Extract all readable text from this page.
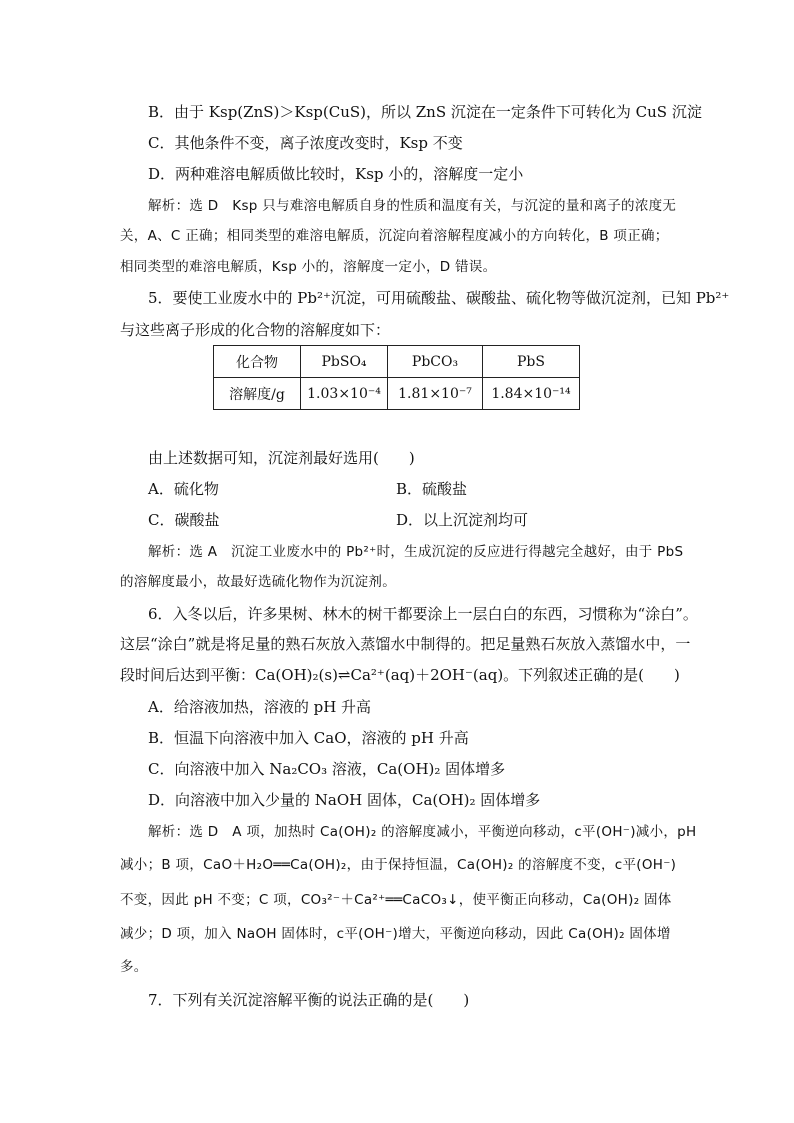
B．由于 Ksp(ZnS)＞Ksp(CuS)，所以 ZnS 沉淀在一定条件下可转化为 CuS 沉淀
C．其他条件不变，离子浓度改变时，Ksp 不变
D．两种难溶电解质做比较时，Ksp 小的，溶解度一定小
解析：选 D　Ksp 只与难溶电解质自身的性质和温度有关，与沉淀的量和离子的浓度无
关，A、C 正确；相同类型的难溶电解质，沉淀向着溶解程度减小的方向转化，B 项正确；
相同类型的难溶电解质，Ksp 小的，溶解度一定小，D 错误。
5．要使工业废水中的 Pb²⁺沉淀，可用硫酸盐、碳酸盐、硫化物等做沉淀剂，已知 Pb²⁺
与这些离子形成的化合物的溶解度如下：
化合物	PbSO₄	PbCO₃	PbS
溶解度/g	1.03×10⁻⁴	1.81×10⁻⁷	1.84×10⁻¹⁴
由上述数据可知，沉淀剂最好选用(　　)
A．硫化物	B．硫酸盐
C．碳酸盐	D．以上沉淀剂均可
解析：选 A　沉淀工业废水中的 Pb²⁺时，生成沉淀的反应进行得越完全越好，由于 PbS
的溶解度最小，故最好选硫化物作为沉淀剂。
6．入冬以后，许多果树、林木的树干都要涂上一层白白的东西，习惯称为“涂白”。
这层“涂白”就是将足量的熟石灰放入蒸馏水中制得的。把足量熟石灰放入蒸馏水中，一
段时间后达到平衡：Ca(OH)₂(s)⇌Ca²⁺(aq)＋2OH⁻(aq)。下列叙述正确的是(　　)
A．给溶液加热，溶液的 pH 升高
B．恒温下向溶液中加入 CaO，溶液的 pH 升高
C．向溶液中加入 Na₂CO₃ 溶液，Ca(OH)₂ 固体增多
D．向溶液中加入少量的 NaOH 固体，Ca(OH)₂ 固体增多
解析：选 D　A 项，加热时 Ca(OH)₂ 的溶解度减小，平衡逆向移动，c平(OH⁻)减小，pH
减小；B 项，CaO＋H₂O══Ca(OH)₂，由于保持恒温，Ca(OH)₂ 的溶解度不变，c平(OH⁻)
不变，因此 pH 不变；C 项，CO₃²⁻＋Ca²⁺══CaCO₃↓，使平衡正向移动，Ca(OH)₂ 固体
减少；D 项，加入 NaOH 固体时，c平(OH⁻)增大，平衡逆向移动，因此 Ca(OH)₂ 固体增
多。
7．下列有关沉淀溶解平衡的说法正确的是(　　)
